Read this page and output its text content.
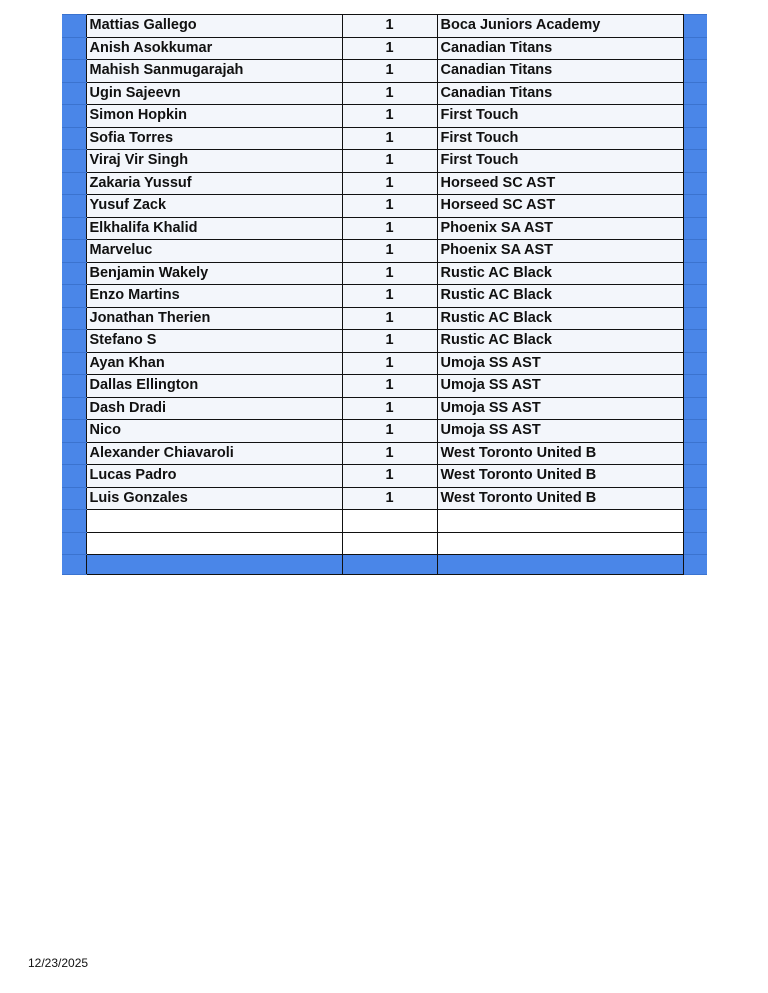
	Mattias Gallego	1	Boca Juniors Academy	
	Anish Asokkumar	1	Canadian Titans	
	Mahish Sanmugarajah	1	Canadian Titans	
	Ugin Sajeevn	1	Canadian Titans	
	Simon Hopkin	1	First Touch	
	Sofia Torres	1	First Touch	
	Viraj Vir Singh	1	First Touch	
	Zakaria Yussuf	1	Horseed SC AST	
	Yusuf Zack	1	Horseed SC AST	
	Elkhalifa Khalid	1	Phoenix SA AST	
	Marveluc	1	Phoenix SA AST	
	Benjamin Wakely	1	Rustic AC Black	
	Enzo Martins	1	Rustic AC Black	
	Jonathan Therien	1	Rustic AC Black	
	Stefano S	1	Rustic AC Black	
	Ayan Khan	1	Umoja SS AST	
	Dallas Ellington	1	Umoja SS AST	
	Dash Dradi	1	Umoja SS AST	
	Nico	1	Umoja SS AST	
	Alexander Chiavaroli	1	West Toronto United B	
	Lucas Padro	1	West Toronto United B	
	Luis Gonzales	1	West Toronto United B	

12/23/2025
